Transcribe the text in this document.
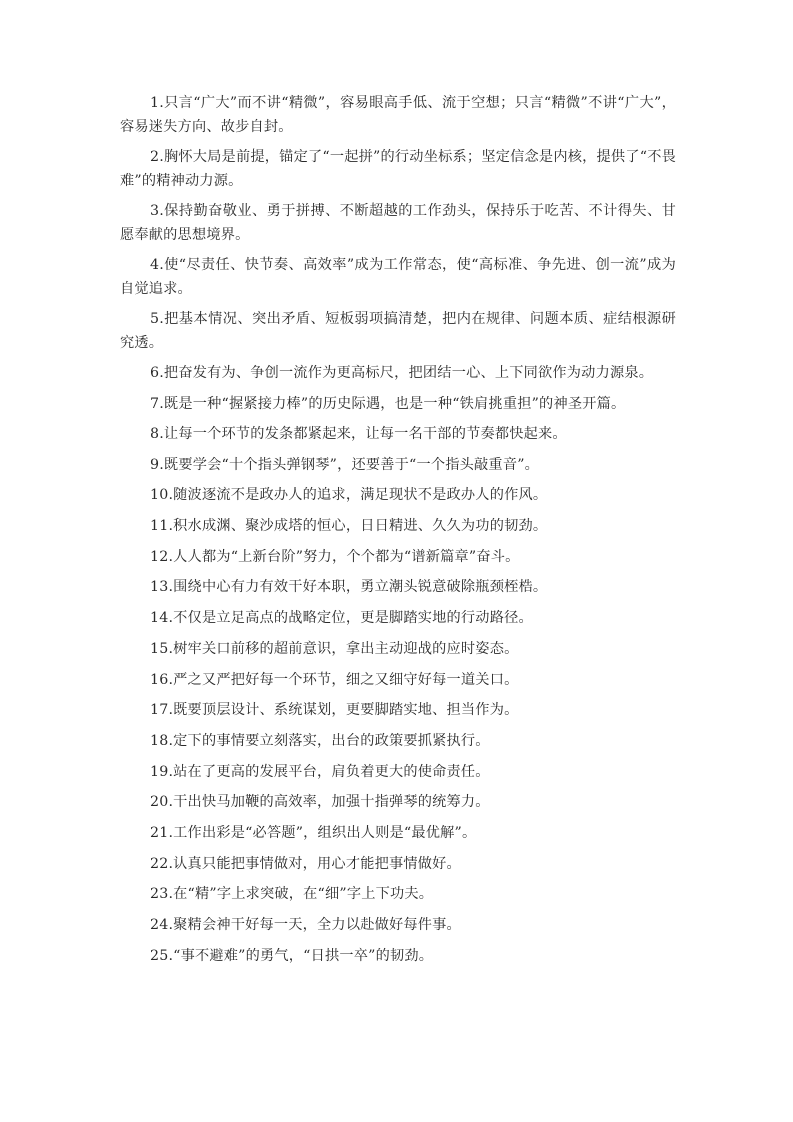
1.只言“广大”而不讲“精微”，容易眼高手低、流于空想；只言“精微”不讲“广大”，容易迷失方向、故步自封。

2.胸怀大局是前提，锚定了“一起拼”的行动坐标系；坚定信念是内核，提供了“不畏难”的精神动力源。

3.保持勤奋敬业、勇于拼搏、不断超越的工作劲头，保持乐于吃苦、不计得失、甘愿奉献的思想境界。

4.使“尽责任、快节奏、高效率”成为工作常态，使“高标准、争先进、创一流”成为自觉追求。

5.把基本情况、突出矛盾、短板弱项搞清楚，把内在规律、问题本质、症结根源研究透。

6.把奋发有为、争创一流作为更高标尺，把团结一心、上下同欲作为动力源泉。

7.既是一种“握紧接力棒”的历史际遇，也是一种“铁肩挑重担”的神圣开篇。

8.让每一个环节的发条都紧起来，让每一名干部的节奏都快起来。

9.既要学会“十个指头弹钢琴”，还要善于“一个指头敲重音”。

10.随波逐流不是政办人的追求，满足现状不是政办人的作风。

11.积水成渊、聚沙成塔的恒心，日日精进、久久为功的韧劲。

12.人人都为“上新台阶”努力，个个都为“谱新篇章”奋斗。

13.围绕中心有力有效干好本职，勇立潮头锐意破除瓶颈桎梏。

14.不仅是立足高点的战略定位，更是脚踏实地的行动路径。

15.树牢关口前移的超前意识，拿出主动迎战的应时姿态。

16.严之又严把好每一个环节，细之又细守好每一道关口。

17.既要顶层设计、系统谋划，更要脚踏实地、担当作为。

18.定下的事情要立刻落实，出台的政策要抓紧执行。

19.站在了更高的发展平台，肩负着更大的使命责任。

20.干出快马加鞭的高效率，加强十指弹琴的统筹力。

21.工作出彩是“必答题”，组织出人则是“最优解”。

22.认真只能把事情做对，用心才能把事情做好。

23.在“精”字上求突破，在“细”字上下功夫。

24.聚精会神干好每一天，全力以赴做好每件事。

25.“事不避难”的勇气，“日拱一卒”的韧劲。
